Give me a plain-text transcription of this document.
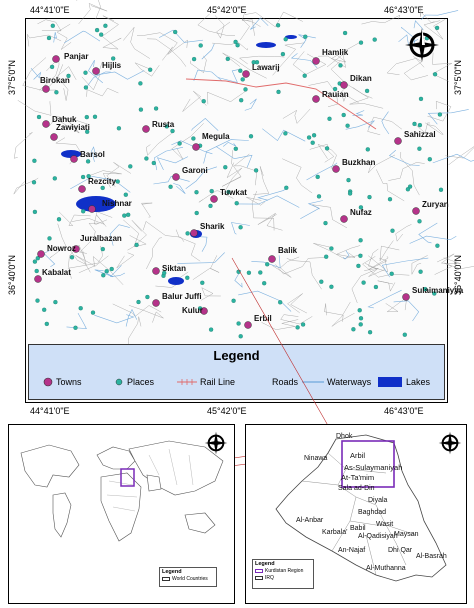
44°41'0"E	45°42'0"E	46°43'0"E
44°41'0"E	45°42'0"E	46°43'0"E
37°5'0"N
36°40'0"N
37°5'0"N
36°40'0"N
Panjar
Hijlis
Birokan
Dahuk
Zawiyiati	Rusta
Barsol
Rezcity
Nishnar
Nowroz
Juralbazan
Kabalat	Siktan
Balur Juffi
Kulur
Erbil
Sharik
Tuwkat
Garoni
Megula
Lawarij
Hamlik
Dikan
Rauian
Sahizzal
Buzkhan
Zuryan
Nufaz
Balik
Sulaimaniyya
Legend
Towns	Places	Rail Line	Roads	Waterways	Lakes
Legend
World Countries
Dhok
Ninawa	Arbil
As-Sulaymaniyah
At-Ta'mim
Sala ad-Din
Diyala
Baghdad
Al-Anbar
Karbala'
Babil
Wasit
Al-Qadisiyah
Maysan
An-Najaf	Dhi Qar
Al-Muthanna
Al-Basrah
Legend
Kurdistan Region
IRQ
